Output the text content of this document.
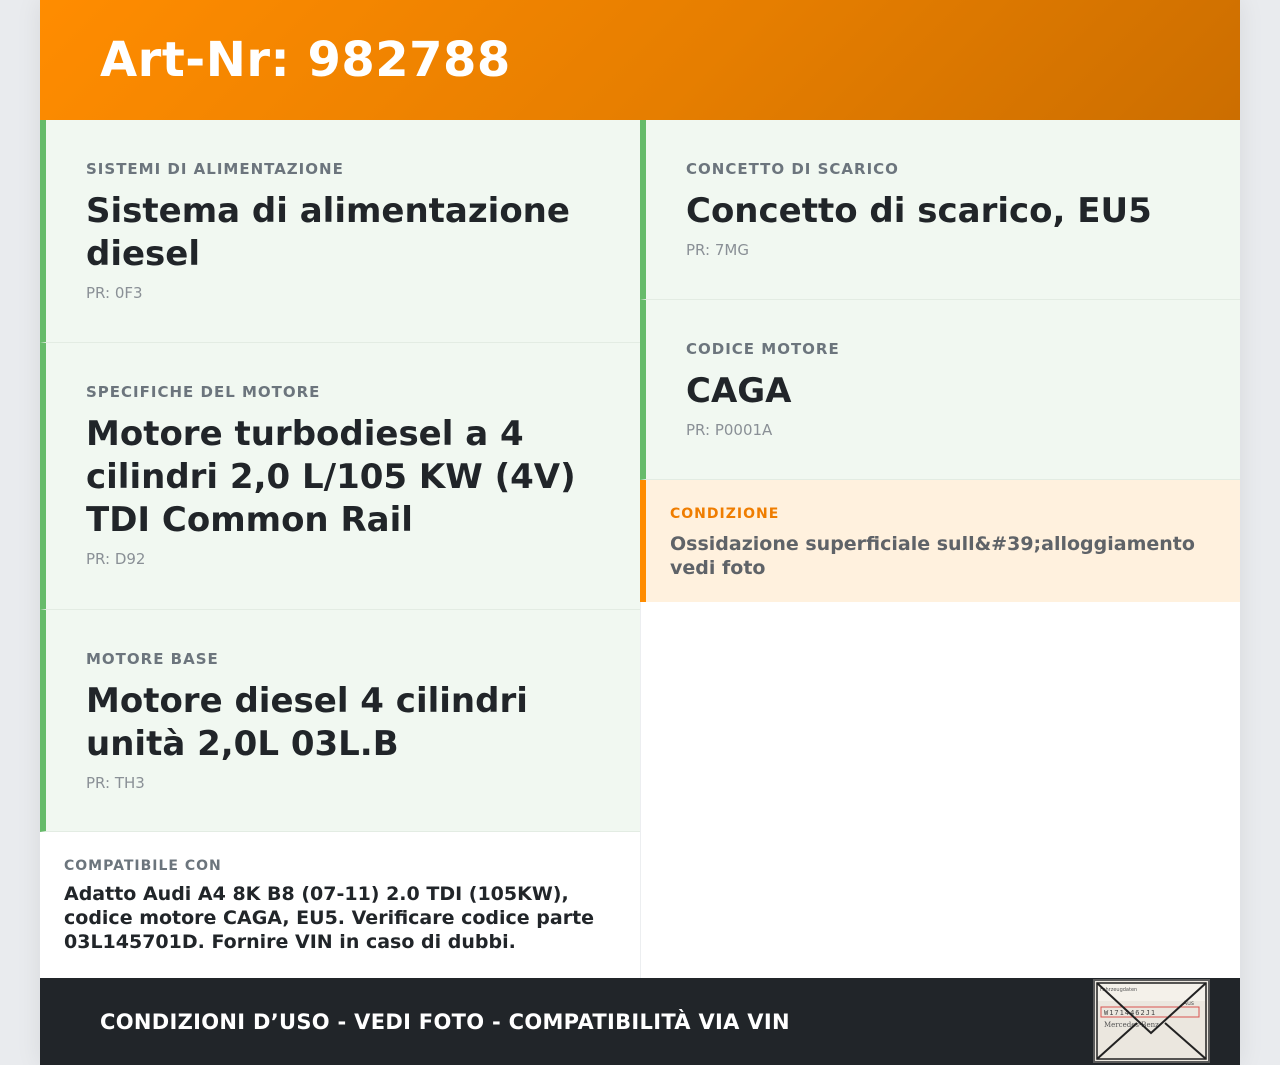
Art-Nr: 982788
SISTEMI DI ALIMENTAZIONE
Sistema di alimentazione diesel
PR: 0F3
SPECIFICHE DEL MOTORE
Motore turbodiesel a 4 cilindri 2,0 L/105 KW (4V) TDI Common Rail
PR: D92
MOTORE BASE
Motore diesel 4 cilindri unità 2,0L 03L.B
PR: TH3
COMPATIBILE CON
Adatto Audi A4 8K B8 (07-11) 2.0 TDI (105KW), codice motore CAGA, EU5. Verificare codice parte 03L145701D. Fornire VIN in caso di dubbi.
CONCETTO DI SCARICO
Concetto di scarico, EU5
PR: 7MG
CODICE MOTORE
CAGA
PR: P0001A
CONDIZIONE
Ossidazione superficiale sull&#39;alloggiamento vedi foto
CONDIZIONI D’USO - VEDI FOTO - COMPATIBILITÀ VIA VIN
Fahrzeugdaten
Aus
W1714462J1
Mercedes-Benz
